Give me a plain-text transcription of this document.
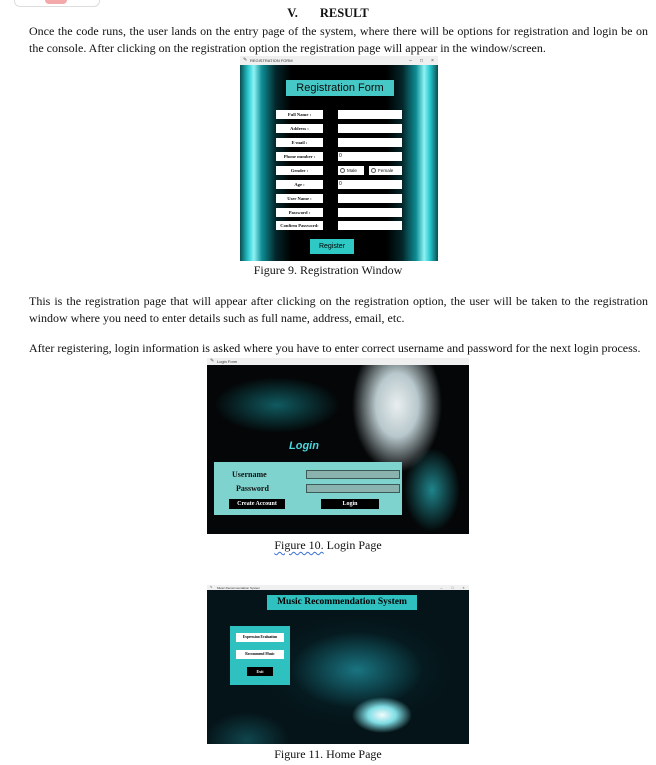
V. RESULT

Once the code runs, the user lands on the entry page of the system, where there will be options for registration and login be on the console. After clicking on the registration option the registration page will appear in the window/screen.

✎ REGISTRATION FORM	–	□	×
Registration Form
Full Name :
Address :
E-mail :
Phone number :	0
Gender :	Male	Female
Age :	0
User Name :
Password :
Confirm Password:
Register
Figure 9. Registration Window

This is the registration page that will appear after clicking on the registration option, the user will be taken to the registration window where you need to enter details such as full name, address, email, etc.

After registering, login information is asked where you have to enter correct username and password for the next login process.

✎ Login Form
Login
Username
Password
Create Account	Login
Figure 10. Login Page
✎	Music Recommendation System	–	□	×
Music Recommendation System
Expression Evaluation
Recommend Music
Exit
Figure 11. Home Page
